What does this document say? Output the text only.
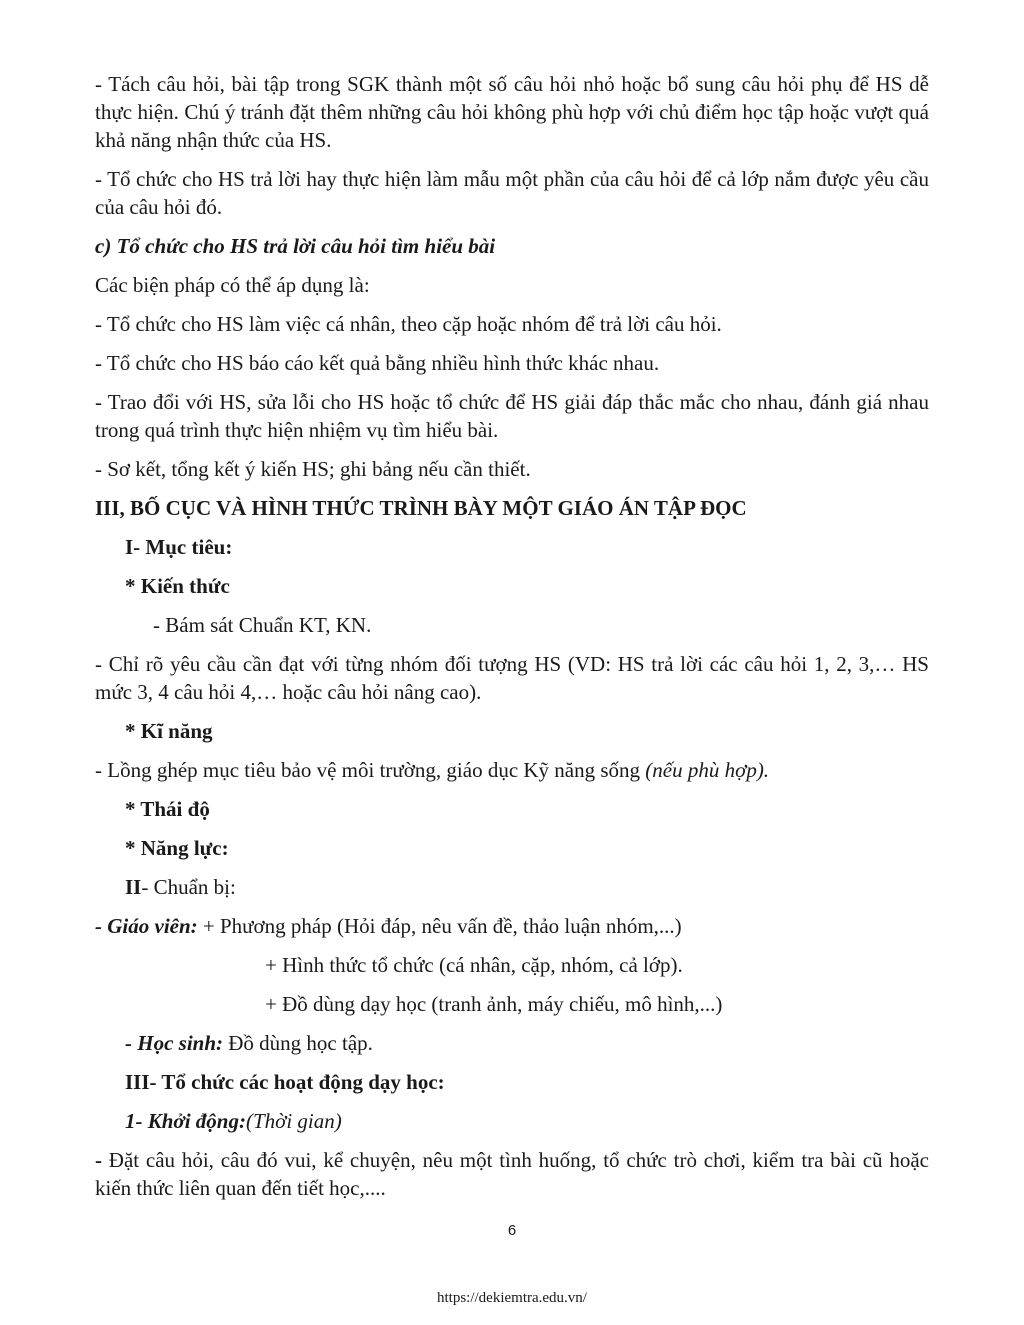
- Tách câu hỏi, bài tập trong SGK thành một số câu hỏi nhỏ hoặc bổ sung câu hỏi phụ để HS dễ thực hiện. Chú ý tránh đặt thêm những câu hỏi không phù hợp với chủ điểm học tập hoặc vượt quá khả năng nhận thức của HS.

- Tổ chức cho HS trả lời hay thực hiện làm mẫu một phần của câu hỏi để cả lớp nắm được yêu cầu của câu hỏi đó.

c) Tổ chức cho HS trả lời câu hỏi tìm hiểu bài

Các biện pháp có thể áp dụng là:

- Tổ chức cho HS làm việc cá nhân, theo cặp hoặc nhóm để trả lời câu hỏi.

- Tổ chức cho HS báo cáo kết quả bằng nhiều hình thức khác nhau.

- Trao đổi với HS, sửa lỗi cho HS hoặc tổ chức để HS giải đáp thắc mắc cho nhau, đánh giá nhau trong quá trình thực hiện nhiệm vụ tìm hiểu bài.

- Sơ kết, tổng kết ý kiến HS; ghi bảng nếu cần thiết.

III, BỐ CỤC VÀ HÌNH THỨC TRÌNH BÀY MỘT GIÁO ÁN TẬP ĐỌC

I- Mục tiêu:

* Kiến thức

- Bám sát Chuẩn KT, KN.

- Chỉ rõ yêu cầu cần đạt với từng nhóm đối tượng HS (VD: HS trả lời các câu hỏi 1, 2, 3,… HS mức 3, 4 câu hỏi 4,… hoặc câu hỏi nâng cao).

* Kĩ năng

- Lồng ghép mục tiêu bảo vệ môi trường, giáo dục Kỹ năng sống (nếu phù hợp).

* Thái độ

* Năng lực:

II- Chuẩn bị:

- Giáo viên: + Phương pháp (Hỏi đáp, nêu vấn đề, thảo luận nhóm,...)

+ Hình thức tổ chức (cá nhân, cặp, nhóm, cả lớp).

+ Đồ dùng dạy học (tranh ảnh, máy chiếu, mô hình,...)

- Học sinh: Đồ dùng học tập.

III- Tổ chức các hoạt động dạy học:

1- Khởi động:(Thời gian)

- Đặt câu hỏi, câu đó vui, kể chuyện, nêu một tình huống, tổ chức trò chơi, kiểm tra bài cũ hoặc kiến thức liên quan đến tiết học,....

6
https://dekiemtra.edu.vn/
